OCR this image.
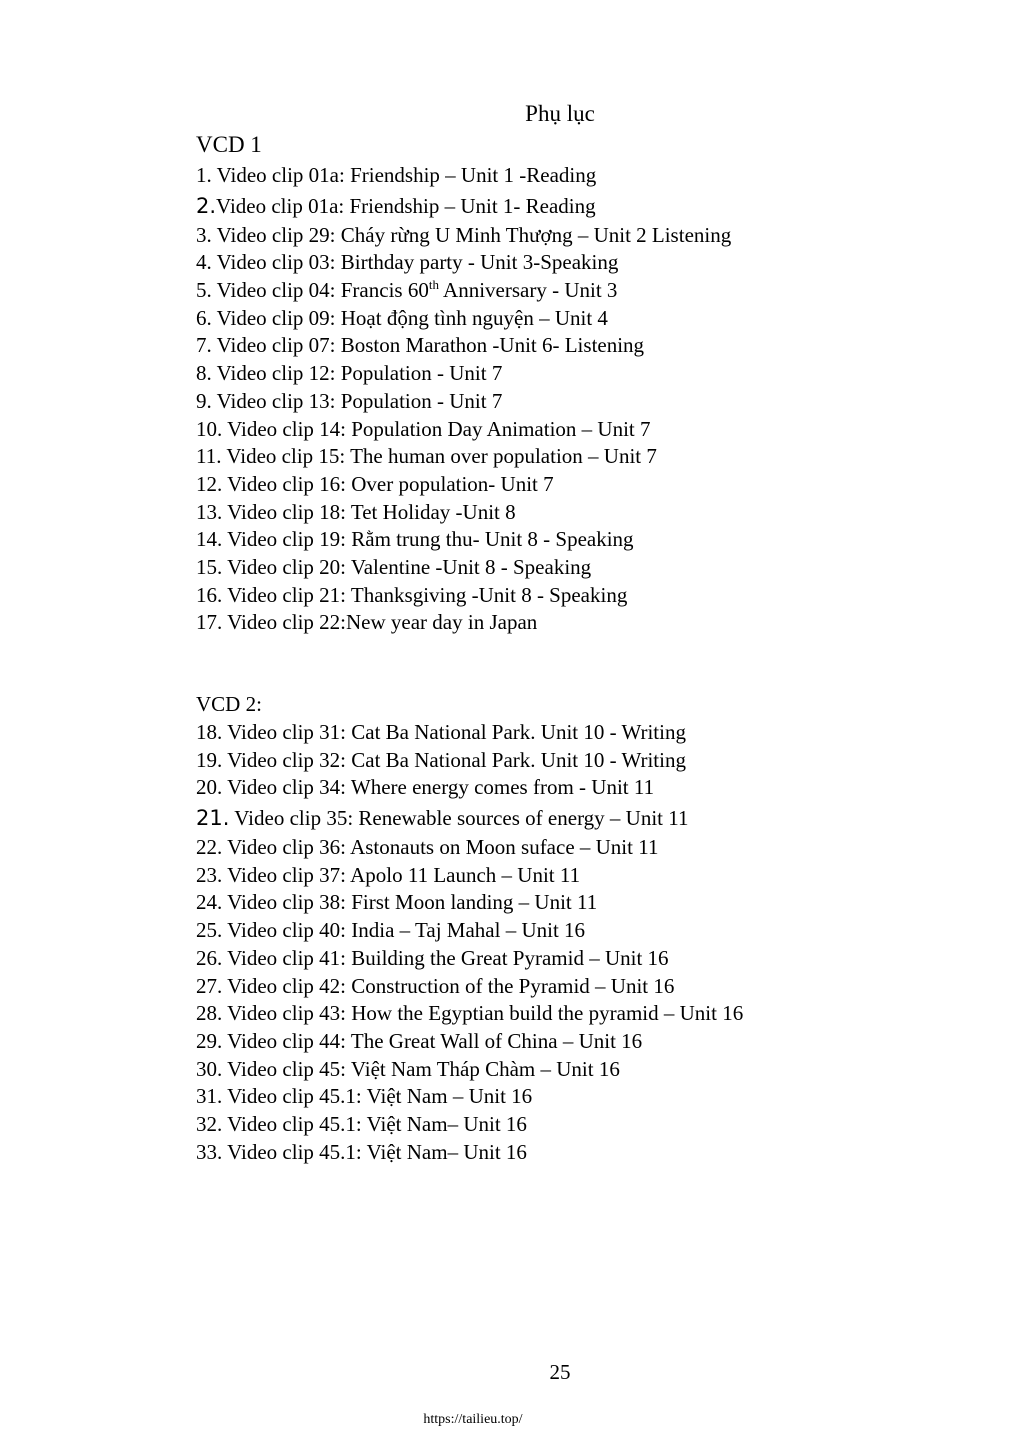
Phụ lục
VCD 1
1. Video clip 01a: Friendship – Unit 1 -Reading
2.Video clip 01a: Friendship – Unit 1- Reading
3. Video clip 29: Cháy rừng U Minh Thượng – Unit 2 Listening
4. Video clip 03: Birthday party - Unit 3-Speaking
5. Video clip 04: Francis 60th Anniversary - Unit 3
6. Video clip 09: Hoạt động tình nguyện – Unit 4
7. Video clip 07: Boston Marathon -Unit 6- Listening
8. Video clip 12: Population - Unit 7
9. Video clip 13: Population - Unit 7
10. Video clip 14: Population Day Animation – Unit 7
11. Video clip 15: The human over population – Unit 7
12. Video clip 16: Over population- Unit 7
13. Video clip 18: Tet Holiday -Unit 8
14. Video clip 19: Rằm trung thu- Unit 8 - Speaking
15. Video clip 20: Valentine -Unit 8 - Speaking
16. Video clip 21: Thanksgiving -Unit 8 - Speaking
17. Video clip 22:New year day in Japan
VCD 2:
18. Video clip 31: Cat Ba National Park. Unit 10 - Writing
19. Video clip 32: Cat Ba National Park. Unit 10 - Writing
20. Video clip 34: Where energy comes from - Unit 11
21. Video clip 35: Renewable sources of energy – Unit 11
22. Video clip 36: Astonauts on Moon suface – Unit 11
23. Video clip 37: Apolo 11 Launch – Unit 11
24. Video clip 38: First Moon landing – Unit 11
25. Video clip 40: India – Taj Mahal – Unit 16
26. Video clip 41: Building the Great Pyramid – Unit 16
27. Video clip 42: Construction of the Pyramid – Unit 16
28. Video clip 43: How the Egyptian build the pyramid – Unit 16
29. Video clip 44: The Great Wall of China – Unit 16
30. Video clip 45: Việt Nam Tháp Chàm – Unit 16
31. Video clip 45.1: Việt Nam – Unit 16
32. Video clip 45.1: Việt Nam– Unit 16
33. Video clip 45.1: Việt Nam– Unit 16
25
https://tailieu.top/
